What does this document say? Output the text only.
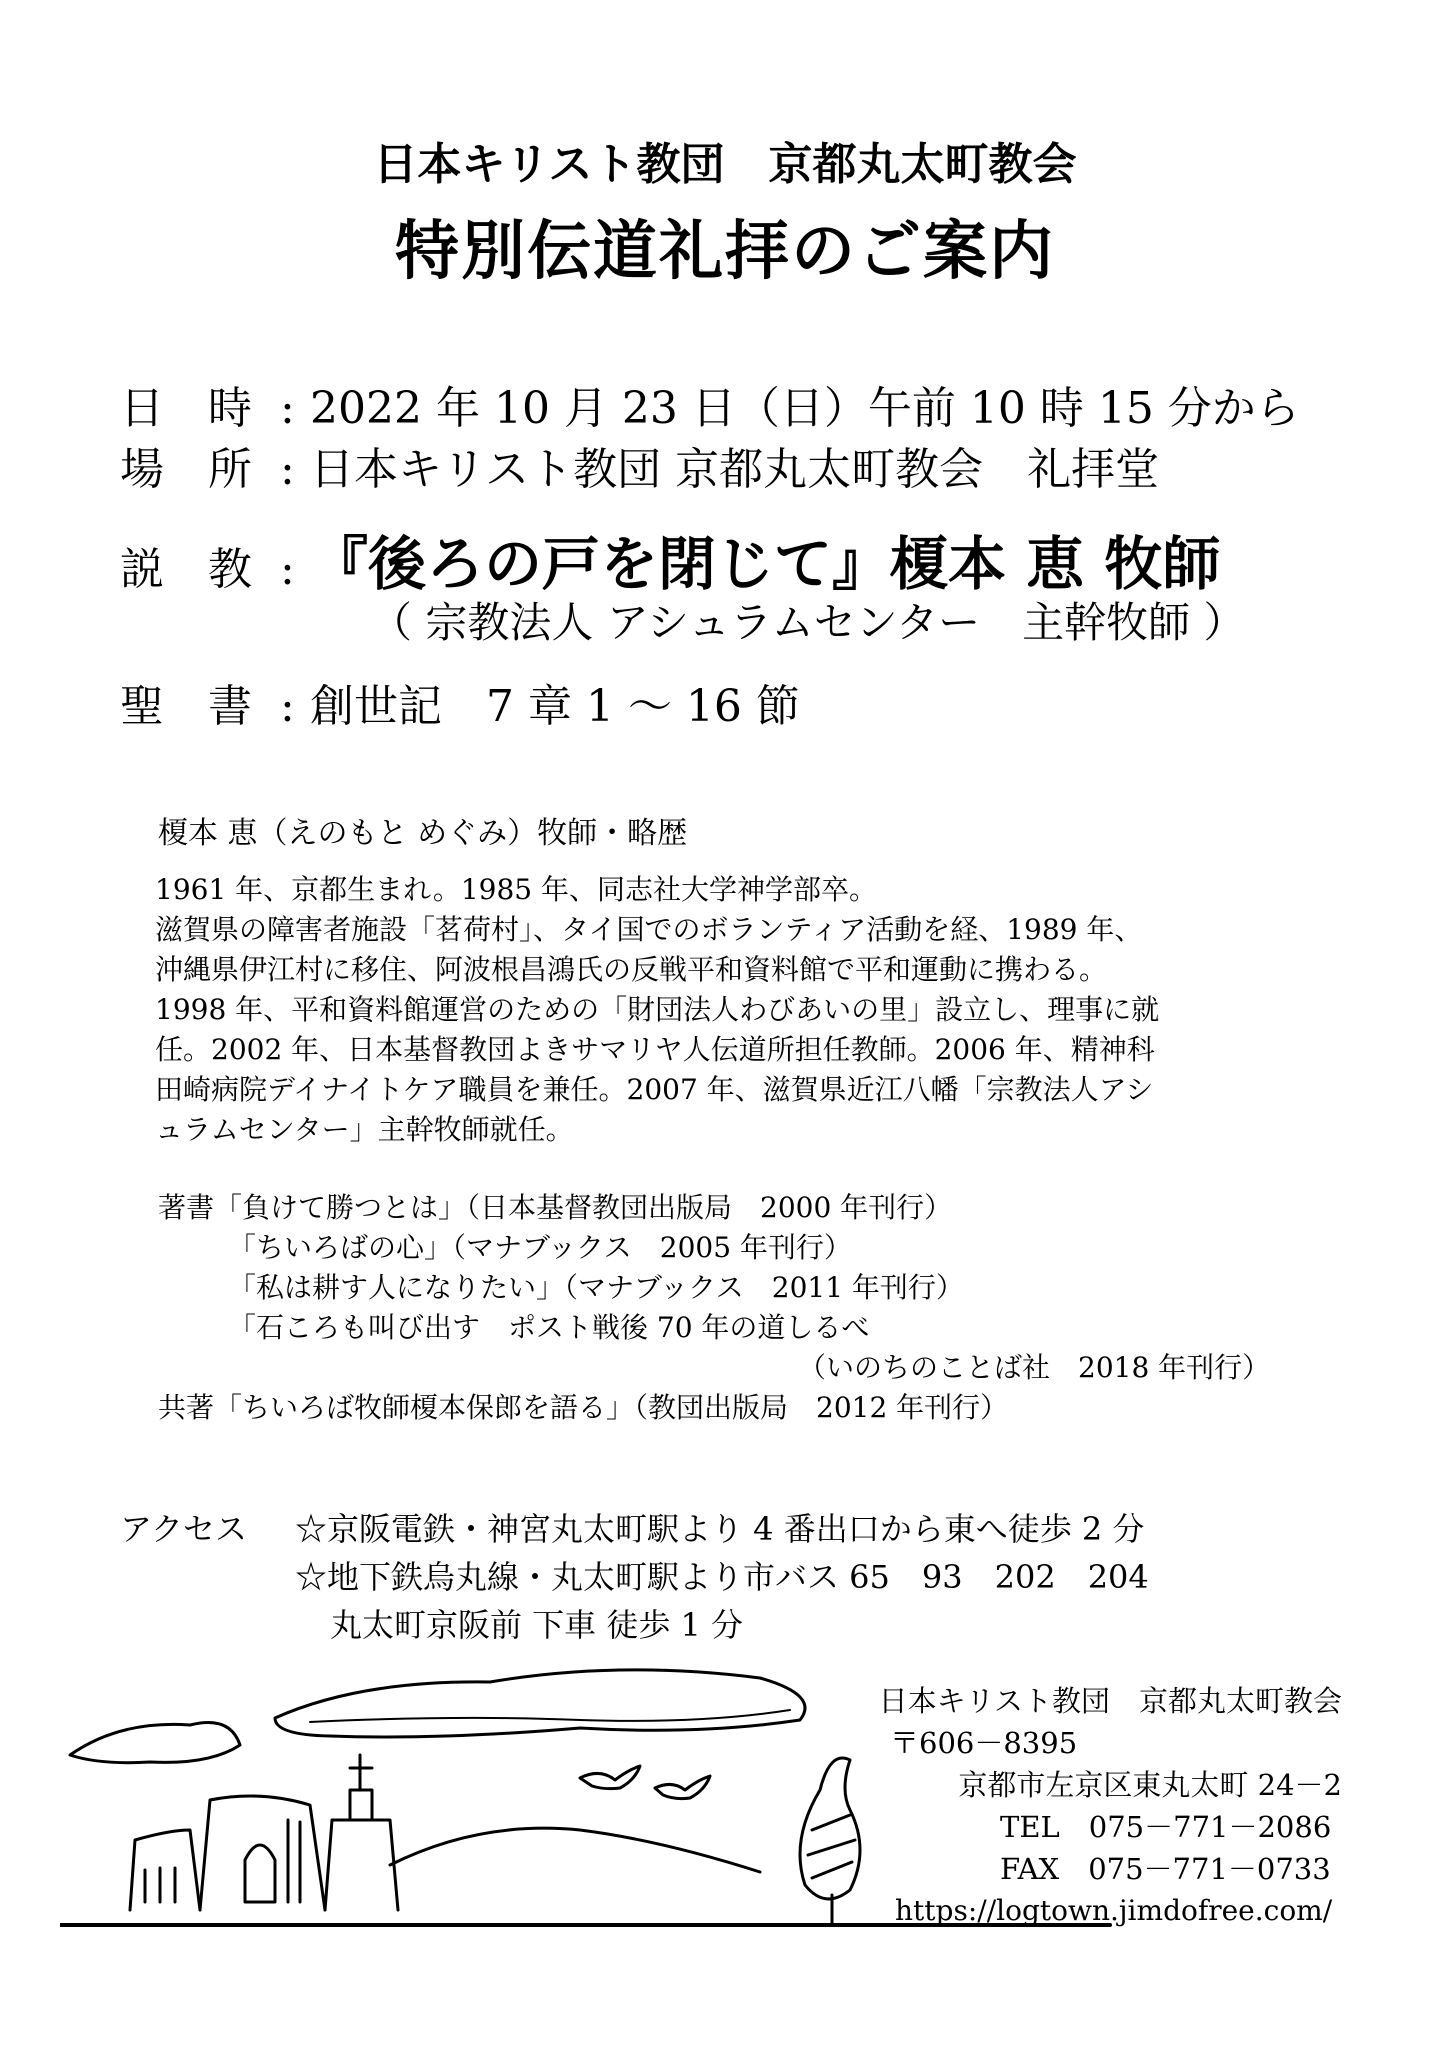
日本キリスト教団　京都丸太町教会
特別伝道礼拝のご案内
日　時 : 2022 年 10 月 23 日（日）午前 10 時 15 分から
場　所 : 日本キリスト教団 京都丸太町教会　礼拝堂
説　教 : 『後ろの戸を閉じて』榎本 恵 牧師
（ 宗教法人 アシュラムセンター　主幹牧師 ）
聖　書 : 創世記　7 章 1 ～ 16 節
榎本 恵（えのもと めぐみ）牧師・略歴
1961 年、京都生まれ。1985 年、同志社大学神学部卒。
滋賀県の障害者施設「茗荷村」、タイ国でのボランティア活動を経、1989 年、
沖縄県伊江村に移住、阿波根昌鴻氏の反戦平和資料館で平和運動に携わる。
1998 年、平和資料館運営のための「財団法人わびあいの里」設立し、理事に就
任。2002 年、日本基督教団よきサマリヤ人伝道所担任教師。2006 年、精神科
田崎病院デイナイトケア職員を兼任。2007 年、滋賀県近江八幡「宗教法人アシ
ュラムセンター」主幹牧師就任。
著書「負けて勝つとは」（日本基督教団出版局　2000 年刊行）
「ちいろばの心」（マナブックス　2005 年刊行）
「私は耕す人になりたい」（マナブックス　2011 年刊行）
「石ころも叫び出す　ポスト戦後 70 年の道しるべ
（いのちのことば社　2018 年刊行）
共著「ちいろば牧師榎本保郎を語る」（教団出版局　2012 年刊行）
アクセス ☆京阪電鉄・神宮丸太町駅より 4 番出口から東へ徒歩 2 分
☆地下鉄烏丸線・丸太町駅より市バス 65　93　202　204
丸太町京阪前 下車 徒歩 1 分
日本キリスト教団　京都丸太町教会
〒606－8395
京都市左京区東丸太町 24－2
TEL　075－771－2086
FAX　075－771－0733
https://logtown.jimdofree.com/
